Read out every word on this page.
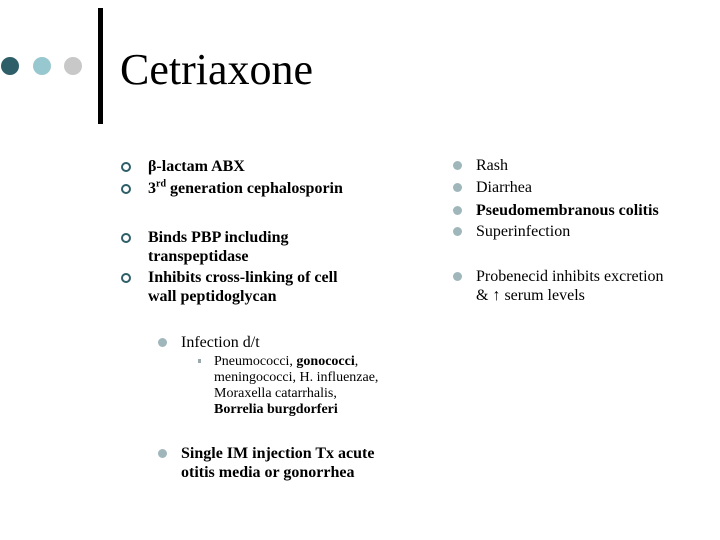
Cetriaxone
β-lactam ABX
3rd generation cephalosporin
Binds PBP including
transpeptidase
Inhibits cross-linking of cell
wall peptidoglycan
Infection d/t
Pneumococci, gonococci,
meningococci, H. influenzae,
Moraxella catarrhalis,
Borrelia burgdorferi
Single IM injection Tx acute
otitis media or gonorrhea
Rash
Diarrhea
Pseudomembranous colitis
Superinfection
Probenecid inhibits excretion
& ↑ serum levels
